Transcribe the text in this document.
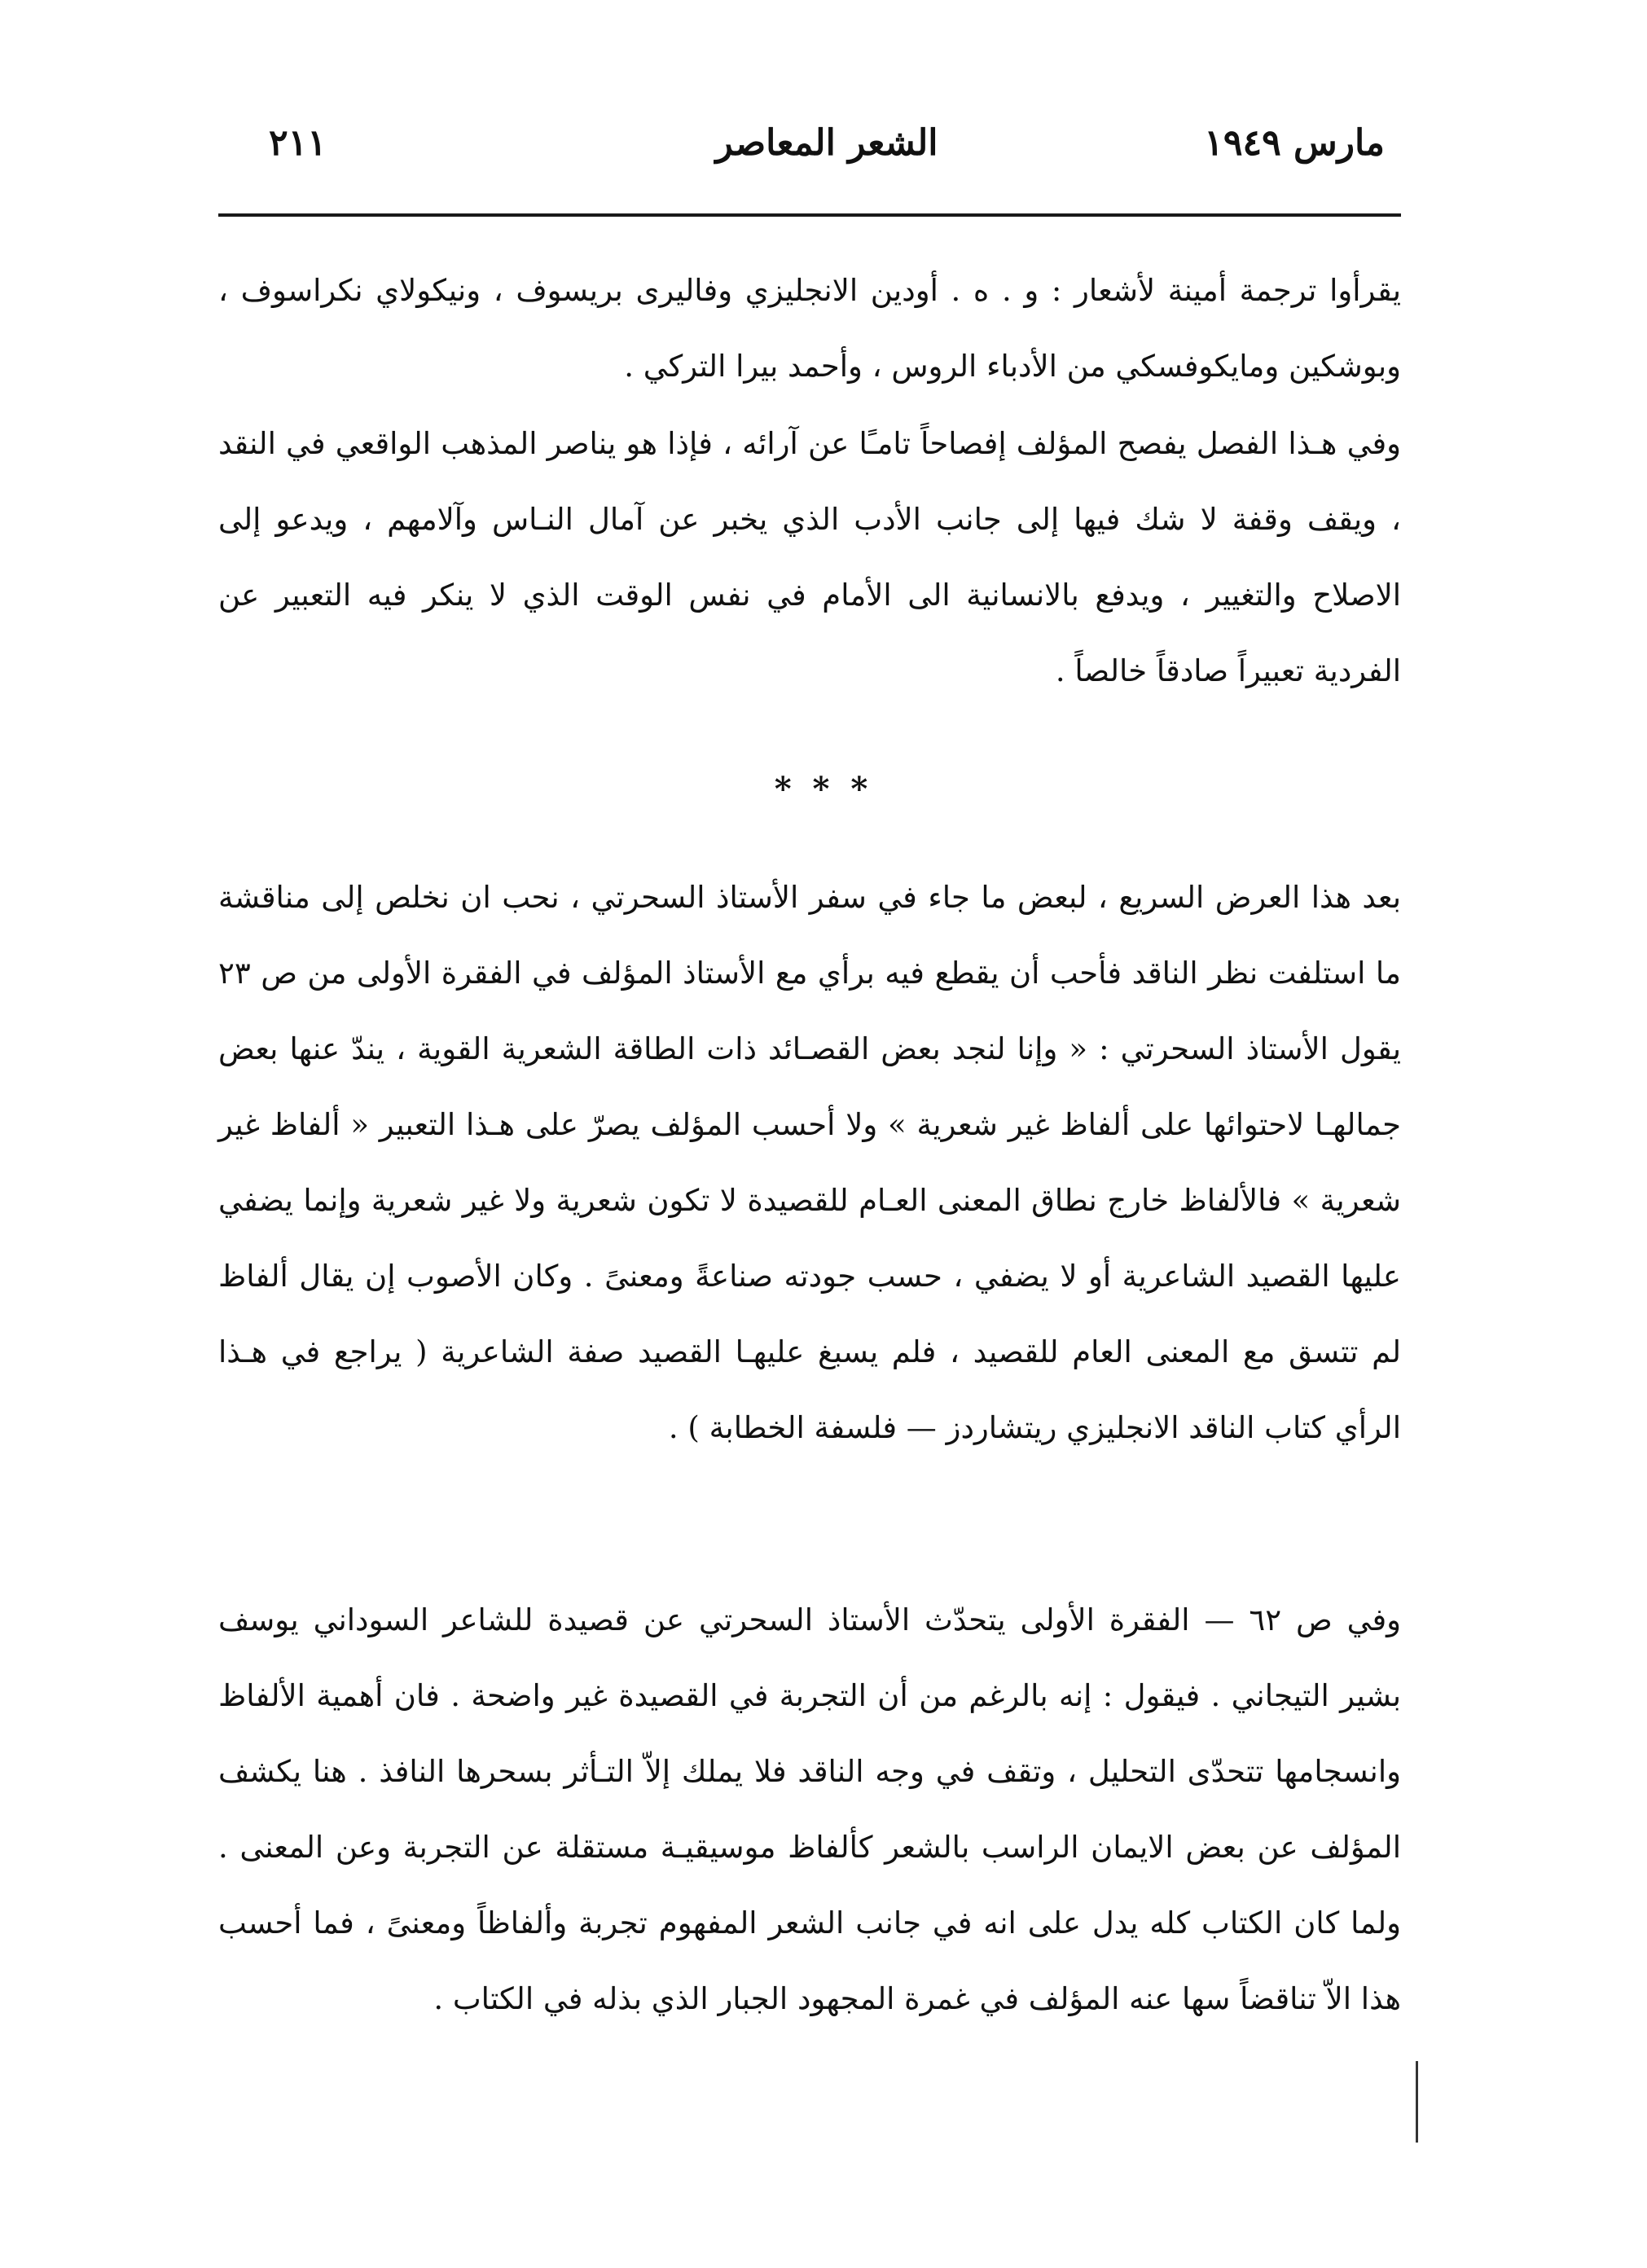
مارس ١٩٤٩
الشعر المعاصر
٢١١

يقرأوا ترجمة أمينة لأشعار : و . ه . أودين الانجليزي وفاليرى بريسوف ، ونيكولاي نكراسوف ، وبوشكين ومايكوفسكي من الأدباء الروس ، وأحمد بيرا التركي .

وفي هـذا الفصل يفصح المؤلف إفصاحاً تامـًا عن آرائه ، فإذا هو يناصر المذهب الواقعي في النقد ، ويقف وقفة لا شك فيها إلى جانب الأدب الذي يخبر عن آمال النـاس وآلامهم ، ويدعو إلى الاصلاح والتغيير ، ويدفع بالانسانية الى الأمام في نفس الوقت الذي لا ينكر فيه التعبير عن الفردية تعبيراً صادقاً خالصاً .

* * *

بعد هذا العرض السريع ، لبعض ما جاء في سفر الأستاذ السحرتي ، نحب ان نخلص إلى مناقشة ما استلفت نظر الناقد فأحب أن يقطع فيه برأي مع الأستاذ المؤلف في الفقرة الأولى من ص ٢٣ يقول الأستاذ السحرتي : « وإنا لنجد بعض القصـائد ذات الطاقة الشعرية القوية ، يندّ عنها بعض جمالهـا لاحتوائها على ألفاظ غير شعرية » ولا أحسب المؤلف يصرّ على هـذا التعبير « ألفاظ غير شعرية » فالألفاظ خارج نطاق المعنى العـام للقصيدة لا تكون شعرية ولا غير شعرية وإنما يضفي عليها القصيد الشاعرية أو لا يضفي ، حسب جودته صناعةً ومعنىً . وكان الأصوب إن يقال ألفاظ لم تتسق مع المعنى العام للقصيد ، فلم يسبغ عليهـا القصيد صفة الشاعرية ( يراجع في هـذا الرأي كتاب الناقد الانجليزي ريتشاردز — فلسفة الخطابة ) .

وفي ص ٦٢ — الفقرة الأولى يتحدّث الأستاذ السحرتي عن قصيدة للشاعر السوداني يوسف بشير التيجاني . فيقول : إنه بالرغم من أن التجربة في القصيدة غير واضحة . فان أهمية الألفاظ وانسجامها تتحدّى التحليل ، وتقف في وجه الناقد فلا يملك إلاّ التـأثر بسحرها النافذ . هنا يكشف المؤلف عن بعض الايمان الراسب بالشعر كألفاظ موسيقيـة مستقلة عن التجربة وعن المعنى . ولما كان الكتاب كله يدل على انه في جانب الشعر المفهوم تجربة وألفاظاً ومعنىً ، فما أحسب هذا الاّ تناقضاً سها عنه المؤلف في غمرة المجهود الجبار الذي بذله في الكتاب .
